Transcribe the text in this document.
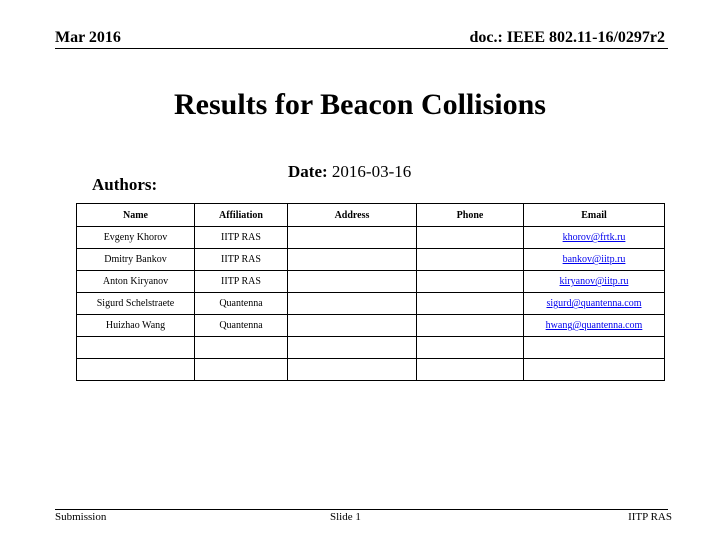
Mar 2016	doc.: IEEE 802.11-16/0297r2
Results for Beacon Collisions
Date: 2016-03-16
Authors:
Name	Affiliation	Address	Phone	Email
Evgeny Khorov	IITP RAS			khorov@frtk.ru
Dmitry Bankov	IITP RAS			bankov@iitp.ru
Anton Kiryanov	IITP RAS			kiryanov@iitp.ru
Sigurd Schelstraete	Quantenna			sigurd@quantenna.com
Huizhao Wang	Quantenna			hwang@quantenna.com

Submission	Slide 1	IITP RAS
